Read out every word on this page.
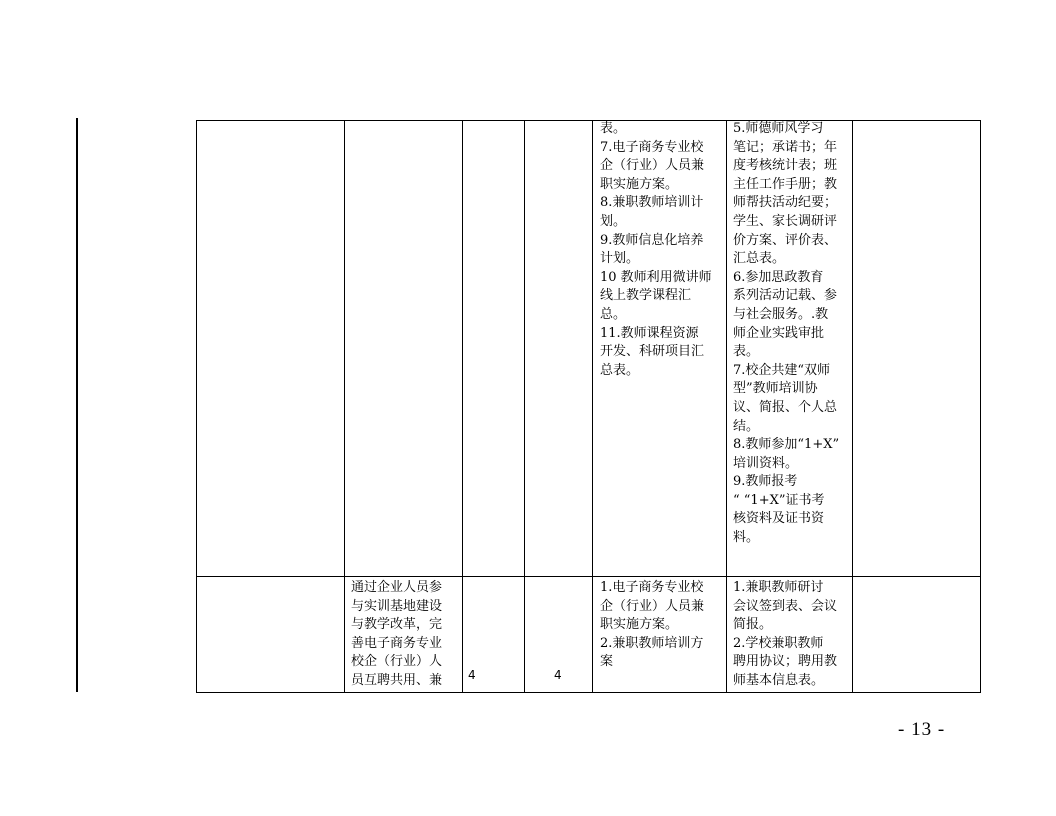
表。
7.电子商务专业校
企（行业）人员兼
职实施方案。
8.兼职教师培训计
划。
9.教师信息化培养
计划。
10 教师利用微讲师
线上教学课程汇
总。
11.教师课程资源
开发、科研项目汇
总表。

5.师德师风学习
笔记；承诺书；年
度考核统计表；班
主任工作手册；教
师帮扶活动纪要；
学生、家长调研评
价方案、评价表、
汇总表。
6.参加思政教育
系列活动记载、参
与社会服务。.教
师企业实践审批
表。
7.校企共建“双师
型”教师培训协
议、简报、个人总
结。
8.教师参加“1+X”
培训资料。
9.教师报考
“ “1+X”证书考
核资料及证书资
料。

通过企业人员参
与实训基地建设
与教学改革，完
善电子商务专业
校企（行业）人
员互聘共用、兼	4	4

1.电子商务专业校
企（行业）人员兼
职实施方案。
2.兼职教师培训方
案

1.兼职教师研讨
会议签到表、会议
简报。
2.学校兼职教师
聘用协议；聘用教
师基本信息表。

- 13 -
